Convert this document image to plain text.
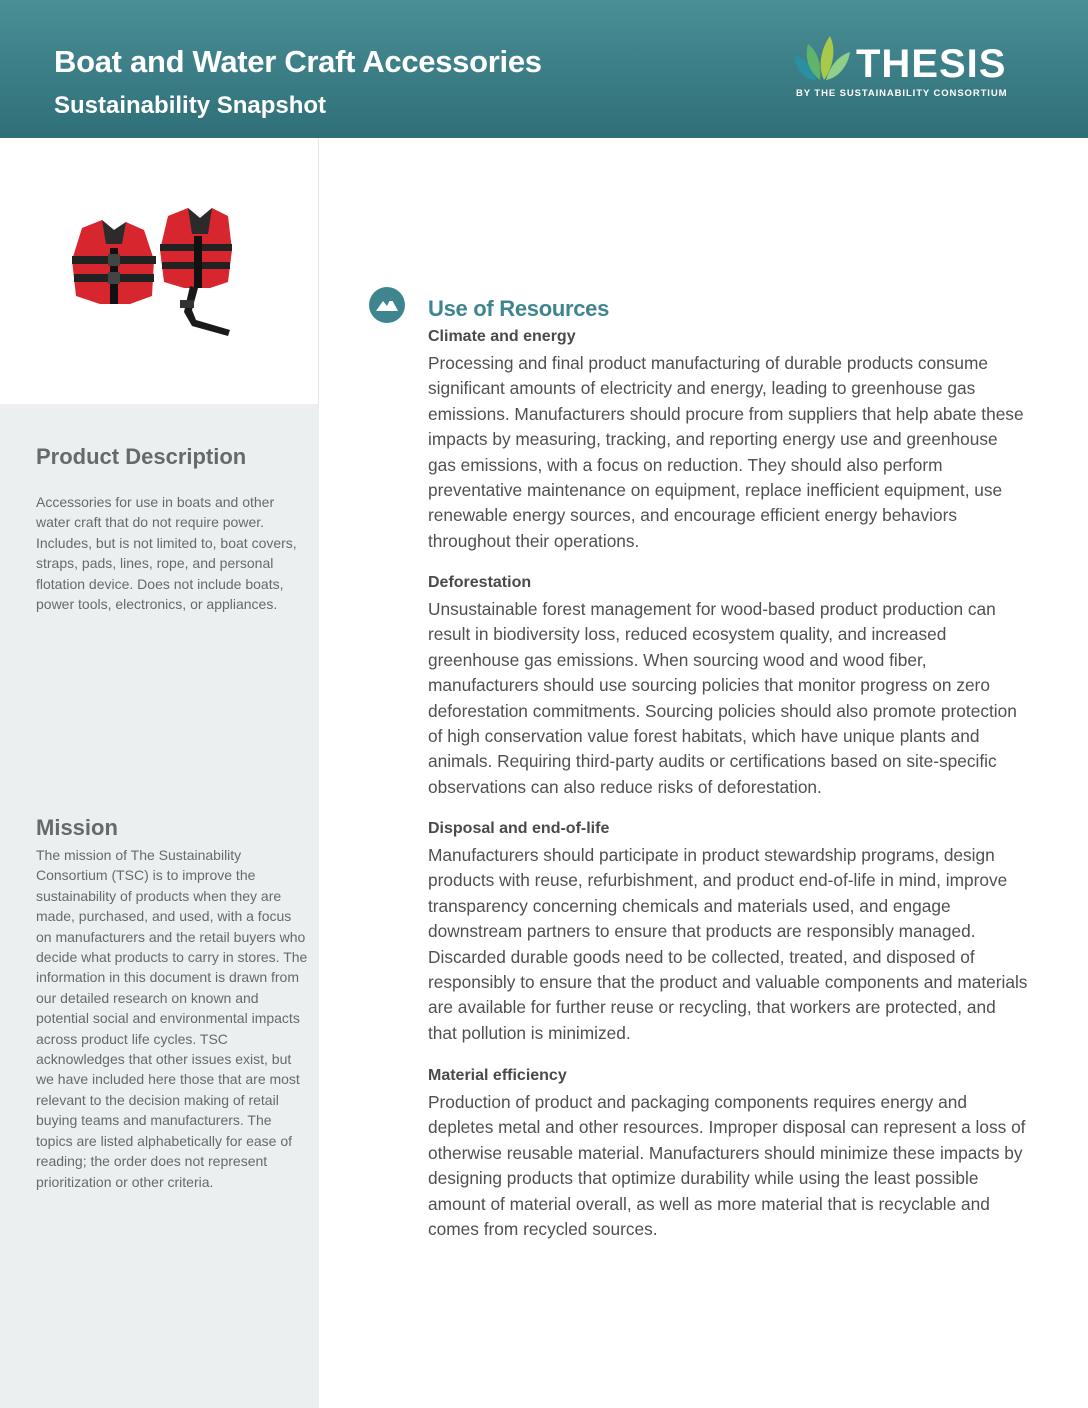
Boat and Water Craft Accessories
Sustainability Snapshot
THESIS
BY THE SUSTAINABILITY CONSORTIUM
Product Description

Accessories for use in boats and other water craft that do not require power. Includes, but is not limited to, boat covers, straps, pads, lines, rope, and personal flotation device. Does not include boats, power tools, electronics, or appliances.

Mission

The mission of The Sustainability Consortium (TSC) is to improve the sustainability of products when they are made, purchased, and used, with a focus on manufacturers and the retail buyers who decide what products to carry in stores. The information in this document is drawn from our detailed research on known and potential social and environmental impacts across product life cycles. TSC acknowledges that other issues exist, but we have included here those that are most relevant to the decision making of retail buying teams and manufacturers. The topics are listed alphabetically for ease of reading; the order does not represent prioritization or other criteria.

Use of Resources
Climate and energy

Processing and final product manufacturing of durable products consume significant amounts of electricity and energy, leading to greenhouse gas emissions. Manufacturers should procure from suppliers that help abate these impacts by measuring, tracking, and reporting energy use and greenhouse gas emissions, with a focus on reduction. They should also perform preventative maintenance on equipment, replace inefficient equipment, use renewable energy sources, and encourage efficient energy behaviors throughout their operations.

Deforestation

Unsustainable forest management for wood-based product production can result in biodiversity loss, reduced ecosystem quality, and increased greenhouse gas emissions. When sourcing wood and wood fiber, manufacturers should use sourcing policies that monitor progress on zero deforestation commitments. Sourcing policies should also promote protection of high conservation value forest habitats, which have unique plants and animals. Requiring third-party audits or certifications based on site-specific observations can also reduce risks of deforestation.

Disposal and end-of-life

Manufacturers should participate in product stewardship programs, design products with reuse, refurbishment, and product end-of-life in mind, improve transparency concerning chemicals and materials used, and engage downstream partners to ensure that products are responsibly managed. Discarded durable goods need to be collected, treated, and disposed of responsibly to ensure that the product and valuable components and materials are available for further reuse or recycling, that workers are protected, and that pollution is minimized.

Material efficiency

Production of product and packaging components requires energy and depletes metal and other resources. Improper disposal can represent a loss of otherwise reusable material. Manufacturers should minimize these impacts by designing products that optimize durability while using the least possible amount of material overall, as well as more material that is recyclable and comes from recycled sources.
